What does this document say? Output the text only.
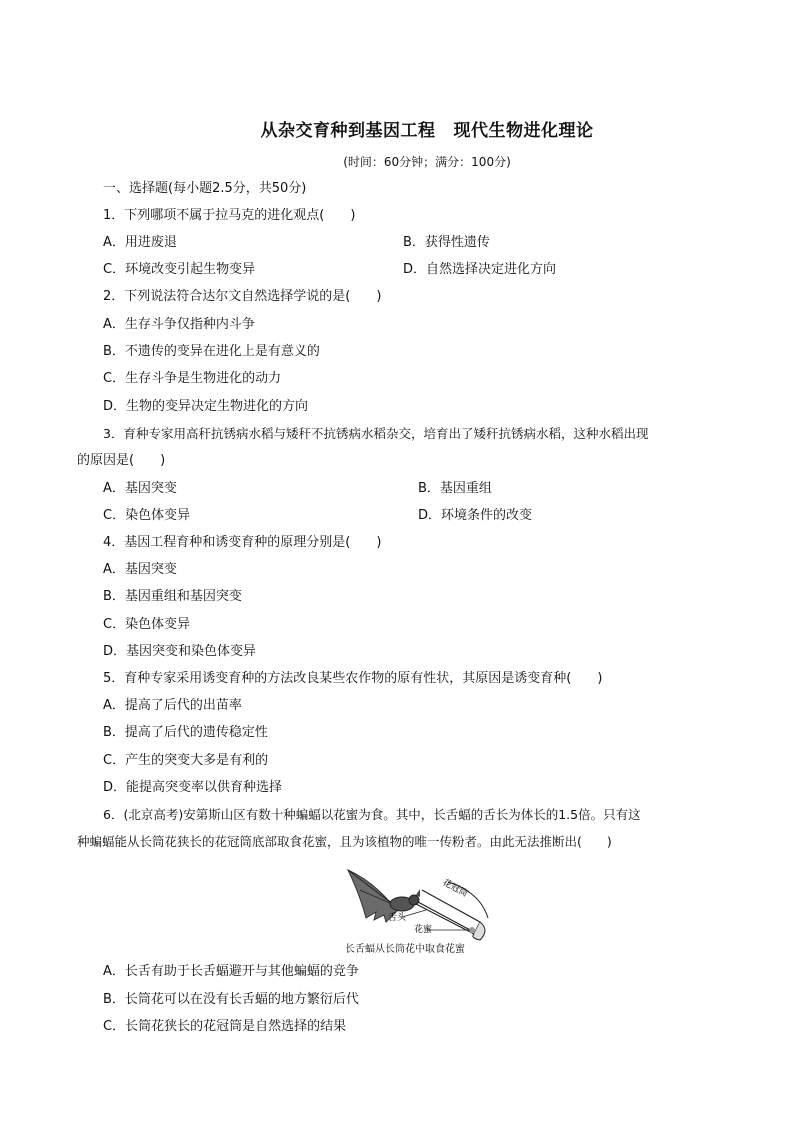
从杂交育种到基因工程 现代生物进化理论
(时间：60分钟；满分：100分)
一、选择题(每小题2.5分，共50分)
1．下列哪项不属于拉马克的进化观点(　　)
A．用进废退	B．获得性遗传
C．环境改变引起生物变异	D．自然选择决定进化方向
2．下列说法符合达尔文自然选择学说的是(　　)
A．生存斗争仅指种内斗争
B．不遗传的变异在进化上是有意义的
C．生存斗争是生物进化的动力
D．生物的变异决定生物进化的方向
3．育种专家用高秆抗锈病水稻与矮秆不抗锈病水稻杂交，培育出了矮秆抗锈病水稻，这种水稻出现
的原因是(　　)
A．基因突变	B．基因重组
C．染色体变异	D．环境条件的改变
4．基因工程育种和诱变育种的原理分别是(　　)
A．基因突变
B．基因重组和基因突变
C．染色体变异
D．基因突变和染色体变异
5．育种专家采用诱变育种的方法改良某些农作物的原有性状，其原因是诱变育种(　　)
A．提高了后代的出苗率
B．提高了后代的遗传稳定性
C．产生的突变大多是有利的
D．能提高突变率以供育种选择
6．(北京高考)安第斯山区有数十种蝙蝠以花蜜为食。其中，长舌蝠的舌长为体长的1.5倍。只有这
种蝙蝠能从长筒花狭长的花冠筒底部取食花蜜，且为该植物的唯一传粉者。由此无法推断出(　　)
花冠筒
舌头
花蜜
长舌蝠从长筒花中取食花蜜
A．长舌有助于长舌蝠避开与其他蝙蝠的竞争
B．长筒花可以在没有长舌蝠的地方繁衍后代
C．长筒花狭长的花冠筒是自然选择的结果
